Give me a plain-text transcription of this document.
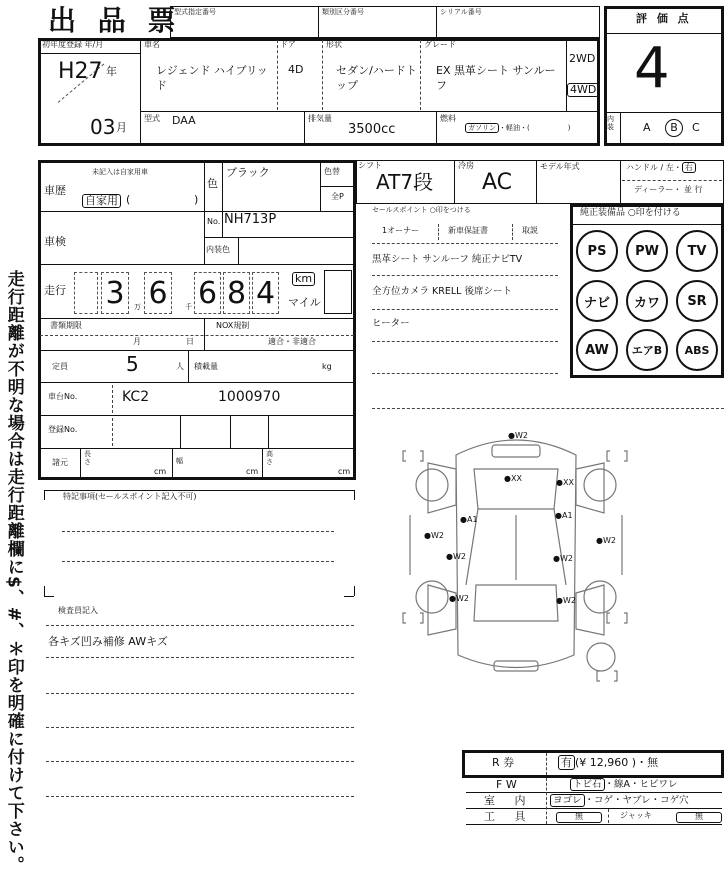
出 品 票
型式指定番号	類別区分番号	シリアル番号
初年度登録 年/月
H27 年
03 月
車名
レジェンド ハイブリッド
ドア
4D
形状
セダン/ハードトップ
グレード
EX 黒革シート サンルーフ
2WD
4WD
型式 DAA	排気量
3500cc
燃料
ガソリン ・軽油・(	)
評 価 点
4
内装	A	B	C
未記入は自家用車
車歴
自家用 (	)
車検
色
ブラック	色替
全P
No. NH713P
内装色
走行 3	万 6	千 6 8 4	km
マイル
書類期限
月	日
NOX規制
適合・非適合
定員	5	人 積載量	kg
車台No.	KC2	1000970
登録No.
諸元
長さ
cm
幅
cm
高さ
cm
特記事項(セールスポイント記入不可)
検査員記入
各キズ凹み補修 AWキズ
シフト
AT7段
冷房
AC
モデル年式	ハンドル / 左・ 右
ディーラー・ 並 行
セールスポイント ○印をつける
1オーナー	新車保証書	取説
黒革シート サンルーフ 純正ナビTV
全方位カメラ KRELL 後席シート
ヒーター
純正装備品 ○印を付ける
PS	PW	TV
ナビ	カワ	SR
AW	エアB	ABS
●W2
●XX	●XX
●A1	●A1
●W2
●W2
●W2	●W2
●W2	●W2
R 券	有 (¥ 12,960 )・無
F W	トビ石 ・線A・ヒビワレ
室 内	ヨゴレ ・コゲ・ヤブレ・コゲ穴
工 具	無	ジャッキ	無
走行距離が不明な場合は走行距離欄に$、#、＊印を明確に付けて下さい。
